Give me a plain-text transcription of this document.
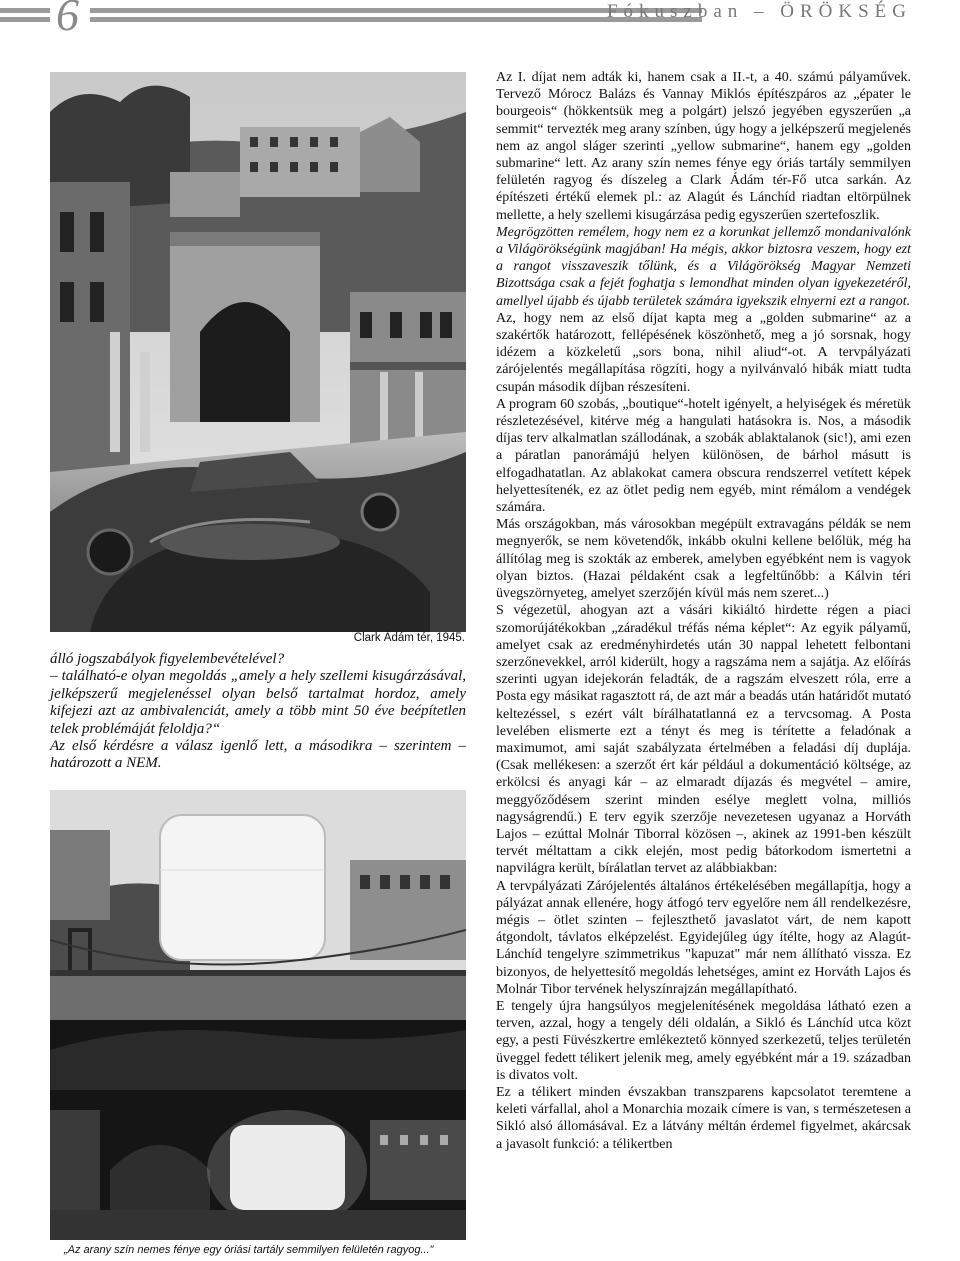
6	Fókuszban – ÖRÖKSÉG
Clark Ádám tér, 1945.

álló jogszabályok figyelembevételével?

– található-e olyan megoldás „amely a hely szellemi kisugárzásával, jelképszerű megjelenéssel olyan belső tartalmat hordoz, amely kifejezi azt az ambivalenciát, amely a több mint 50 éve beépítetlen telek problémáját feloldja?“

Az első kérdésre a válasz igenlő lett, a másodikra – szerintem – határozott a NEM.

„Az arany szín nemes fénye egy óriási tartály semmilyen felületén ragyog...”

Az I. díjat nem adták ki, hanem csak a II.-t, a 40. számú pályaművek. Tervező Mórocz Balázs és Vannay Miklós építészpáros az „épater le bourgeois“ (hökkentsük meg a polgárt) jelszó jegyében egyszerűen „a semmit“ tervezték meg arany színben, úgy hogy a jelképszerű megjelenés nem az angol sláger szerinti „yellow submarine“, hanem egy „golden submarine“ lett. Az arany szín nemes fénye egy óriás tartály semmilyen felületén ragyog és díszeleg a Clark Ádám tér-Fő utca sarkán. Az építészeti értékű elemek pl.: az Alagút és Lánchíd riadtan eltörpülnek mellette, a hely szellemi kisugárzása pedig egyszerűen szertefoszlik.

Megrögzötten remélem, hogy nem ez a korunkat jellemző mondanivalónk a Világörökségünk magjában! Ha mégis, akkor biztosra veszem, hogy ezt a rangot visszaveszik tőlünk, és a Világörökség Magyar Nemzeti Bizottsága csak a fejét foghatja s lemondhat minden olyan igyekezetéről, amellyel újabb és újabb területek számára igyekszik elnyerni ezt a rangot.

Az, hogy nem az első díjat kapta meg a „golden submarine“ az a szakértők határozott, fellépésének köszönhető, meg a jó sorsnak, hogy idézem a közkeletű „sors bona, nihil aliud“-ot. A tervpályázati zárójelentés megállapítása rögzíti, hogy a nyilvánvaló hibák miatt tudta csupán második díjban részesíteni.

A program 60 szobás, „boutique“-hotelt igényelt, a helyiségek és méretük részletezésével, kitérve még a hangulati hatásokra is. Nos, a második díjas terv alkalmatlan szállodának, a szobák ablaktalanok (sic!), ami ezen a páratlan panorámájú helyen különösen, de bárhol másutt is elfogadhatatlan. Az ablakokat camera obscura rendszerrel vetített képek helyettesítenék, ez az ötlet pedig nem egyéb, mint rémálom a vendégek számára.

Más országokban, más városokban megépült extravagáns példák se nem megnyerők, se nem követendők, inkább okulni kellene belőlük, még ha állítólag meg is szokták az emberek, amelyben egyébként nem is vagyok olyan biztos. (Hazai példaként csak a legfeltűnőbb: a Kálvin téri üvegszörnyeteg, amelyet szerzőjén kívül más nem szeret...)

S végezetül, ahogyan azt a vásári kikiáltó hirdette régen a piaci szomorújátékokban „záradékul tréfás néma képlet“: Az egyik pályamű, amelyet csak az eredményhirdetés után 30 nappal lehetett felbontani szerzőnevekkel, arról kiderült, hogy a ragszáma nem a sajátja. Az előírás szerinti ugyan idejekorán feladták, de a ragszám elveszett róla, erre a Posta egy másikat ragasztott rá, de azt már a beadás után határidőt mutató keltezéssel, s ezért vált bírálhatatlanná ez a tervcsomag. A Posta levelében elismerte ezt a tényt és meg is térítette a feladónak a maximumot, ami saját szabályzata értelmében a feladási díj duplája. (Csak mellékesen: a szerzőt ért kár például a dokumentáció költsége, az erkölcsi és anyagi kár – az elmaradt díjazás és megvétel – amire, meggyőződésem szerint minden esélye meglett volna, milliós nagyságrendű.) E terv egyik szerzője nevezetesen ugyanaz a Horváth Lajos – ezúttal Molnár Tiborral közösen –, akinek az 1991-ben készült tervét méltattam a cikk elején, most pedig bátorkodom ismertetni a napvilágra került, bírálatlan tervet az alábbiakban:

A tervpályázati Zárójelentés általános értékelésében megállapítja, hogy a pályázat annak ellenére, hogy átfogó terv egyelőre nem áll rendelkezésre, mégis – ötlet szinten – fejleszthető javaslatot várt, de nem kapott átgondolt, távlatos elképzelést. Egyidejűleg úgy ítélte, hogy az Alagút-Lánchíd tengelyre szimmetrikus "kapuzat" már nem állítható vissza. Ez bizonyos, de helyettesítő megoldás lehetséges, amint ez Horváth Lajos és Molnár Tibor tervének helyszínrajzán megállapítható.

E tengely újra hangsúlyos megjelenítésének megoldása látható ezen a terven, azzal, hogy a tengely déli oldalán, a Sikló és Lánchíd utca közt egy, a pesti Füvészkertre emlékeztető könnyed szerkezetű, teljes területén üveggel fedett télikert jelenik meg, amely egyébként már a 19. században is divatos volt.

Ez a télikert minden évszakban transzparens kapcsolatot teremtene a keleti várfallal, ahol a Monarchia mozaik címere is van, s természetesen a Sikló alsó állomásával. Ez a látvány méltán érdemel figyelmet, akárcsak a javasolt funkció: a télikertben
